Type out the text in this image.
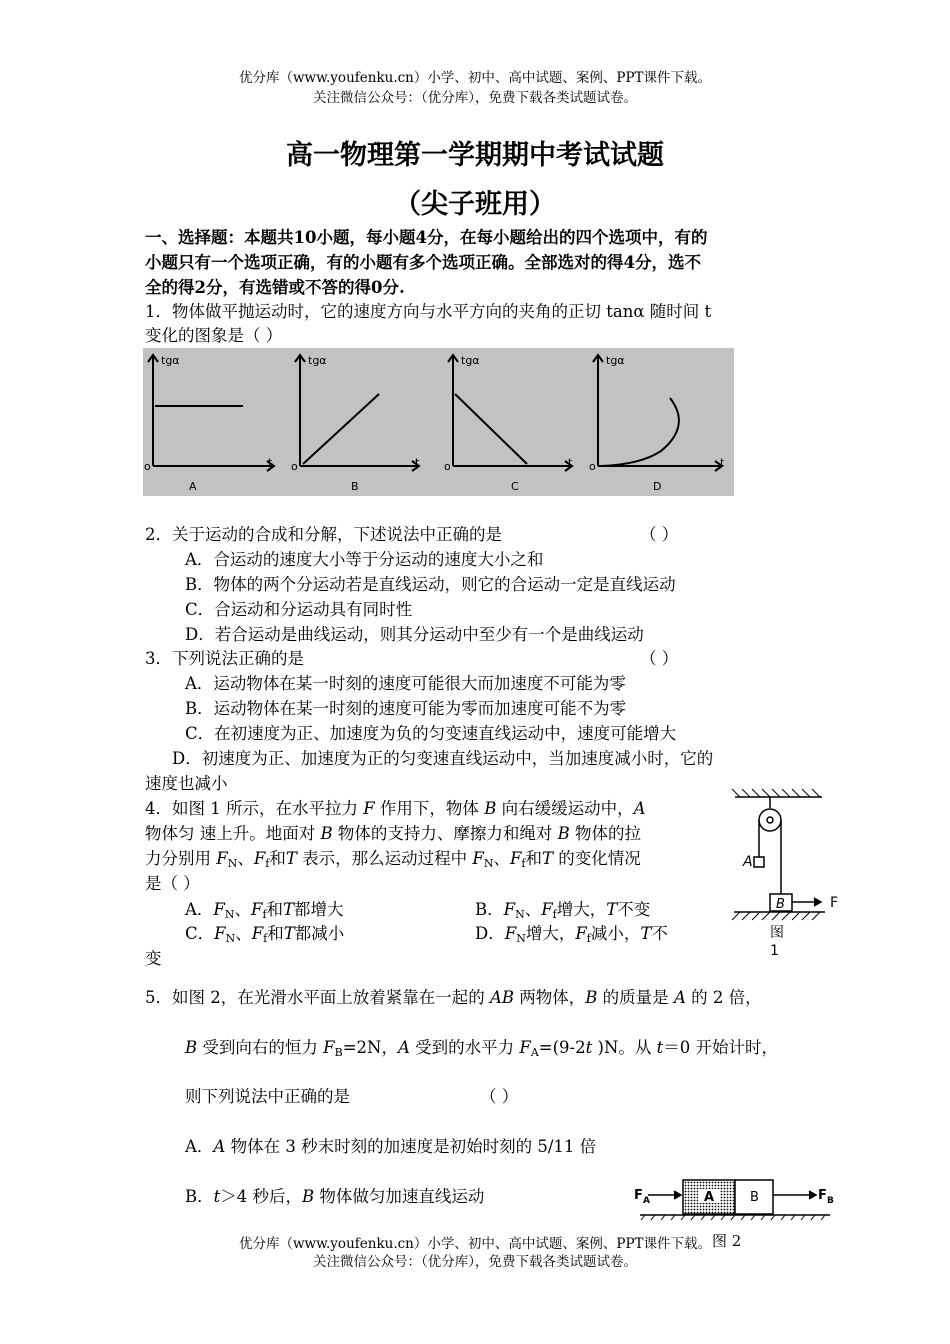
优分库（www.youfenku.cn）小学、初中、高中试题、案例、PPT课件下载。
关注微信公众号：（优分库），免费下载各类试题试卷。
高一物理第一学期期中考试试题
（尖子班用）
一、选择题：本题共10小题，每小题4分，在每小题给出的四个选项中，有的
小题只有一个选项正确，有的小题有多个选项正确。全部选对的得4分，选不
全的得2分，有选错或不答的得0分.
1．物体做平抛运动时，它的速度方向与水平方向的夹角的正切 tanα 随时间 t
变化的图象是（ ）
tgα	tgα	tgα	tgα
t	t	t	t
o	o	o	o
A	B	C	D
2．关于运动的合成和分解，下述说法中正确的是	（ ）
A．合运动的速度大小等于分运动的速度大小之和
B．物体的两个分运动若是直线运动，则它的合运动一定是直线运动
C．合运动和分运动具有同时性
D．若合运动是曲线运动，则其分运动中至少有一个是曲线运动
3．下列说法正确的是	（ ）
A．运动物体在某一时刻的速度可能很大而加速度不可能为零
B．运动物体在某一时刻的速度可能为零而加速度可能不为零
C．在初速度为正、加速度为负的匀变速直线运动中，速度可能增大
D．初速度为正、加速度为正的匀变速直线运动中，当加速度减小时，它的
速度也减小
4．如图 1 所示，在水平拉力 F 作用下，物体 B 向右缓缓运动中，A
物体匀 速上升。地面对 B 物体的支持力、摩擦力和绳对 B 物体的拉
力分别用 $F_N$、$F_f$和T 表示，那么运动过程中 $F_N$、$F_f$和T 的变化情况
是（ ）
A．$F_N$、$F_f$和T都增大	B．$F_N$、$F_f$增大，T不变
C．$F_N$、$F_f$和T都减小	D．$F_N$增大，$F_f$减小，T不
变
A
B	F
图
1
5．如图 2，在光滑水平面上放着紧靠在一起的 AB 两物体，B 的质量是 A 的 2 倍，
B 受到向右的恒力 $F_B=2N$，A 受到的水平力 $F_A=(9-2t$ )N。从 t＝0 开始计时，
则下列说法中正确的是	（ ）
A．A 物体在 3 秒末时刻的加速度是初始时刻的 5/11 倍
B．t＞4 秒后，B 物体做匀加速直线运动	F A	A	B	F B
图 2
优分库（www.youfenku.cn）小学、初中、高中试题、案例、PPT课件下载。
关注微信公众号：（优分库），免费下载各类试题试卷。
